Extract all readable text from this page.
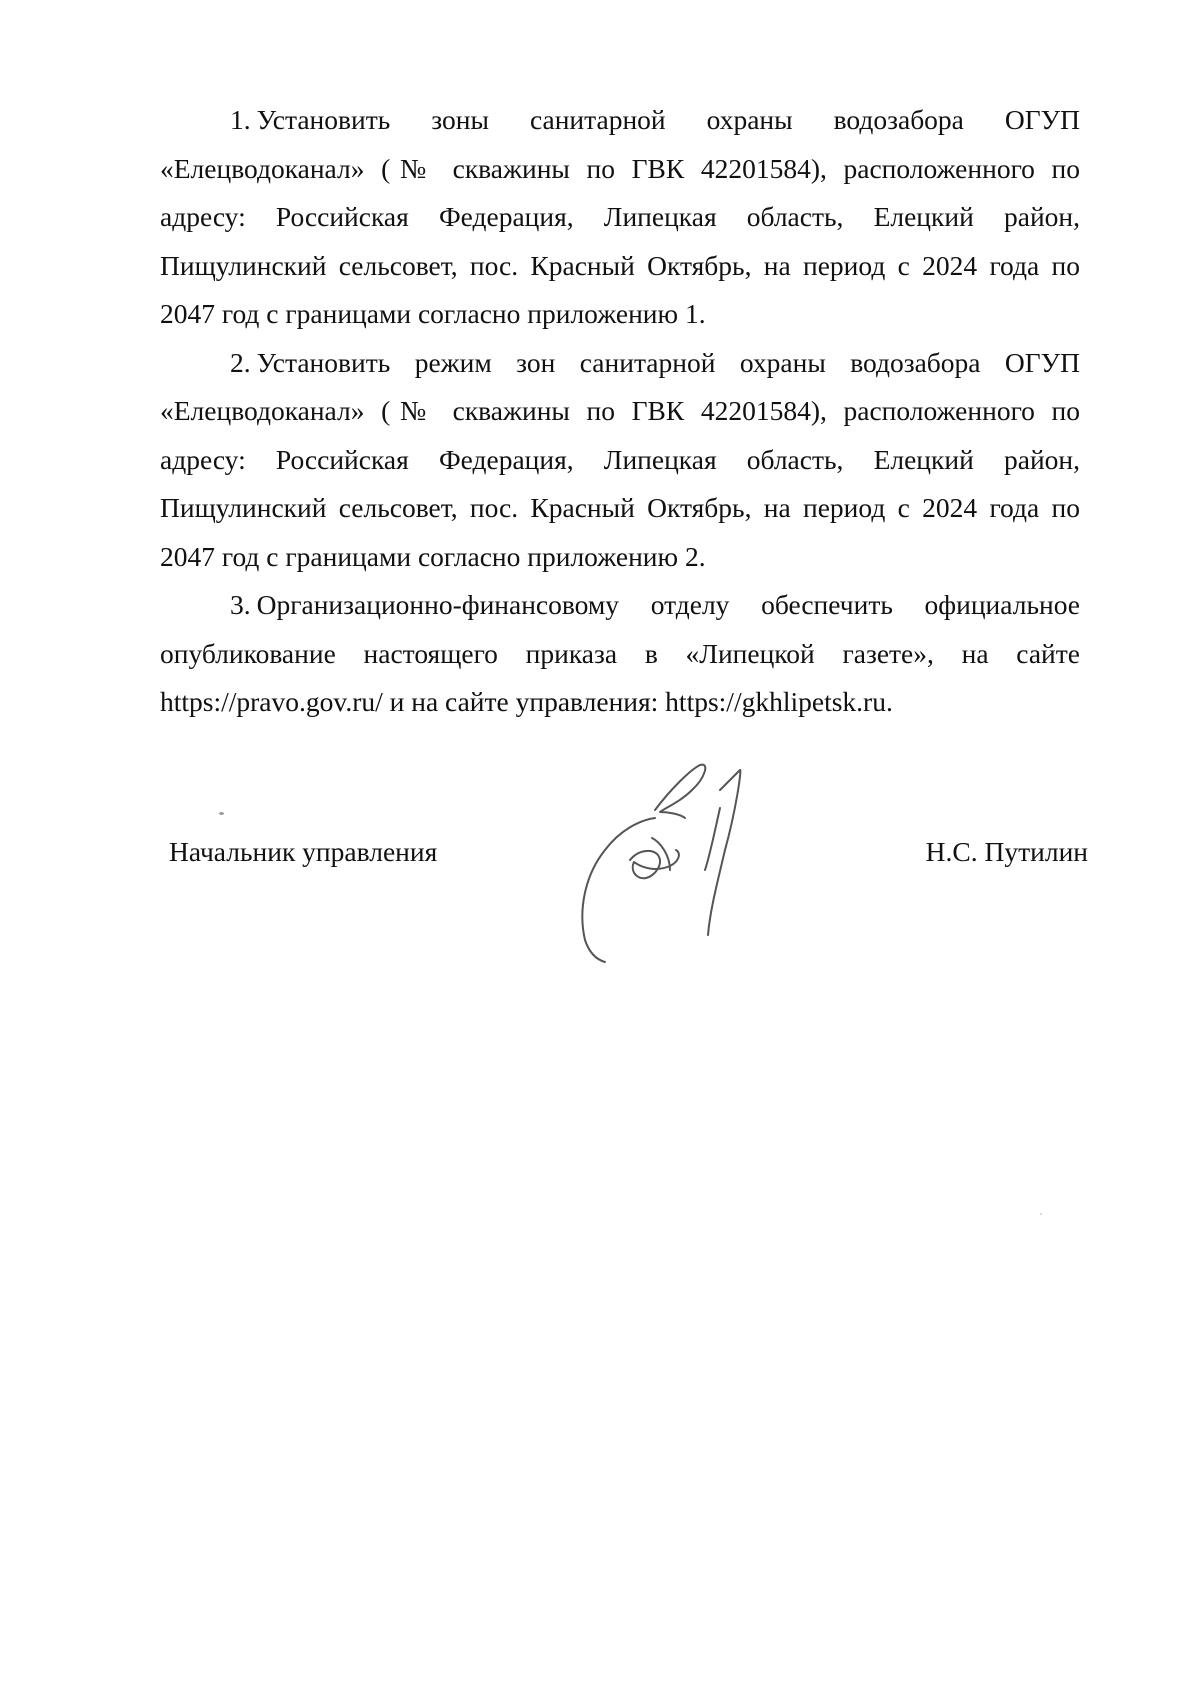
1. Установить зоны санитарной охраны водозабора ОГУП «Елецводоканал» (№ скважины по ГВК 42201584), расположенного по адресу: Российская Федерация, Липецкая область, Елецкий район, Пищулинский сельсовет, пос. Красный Октябрь, на период с 2024 года по 2047 год с границами согласно приложению 1.

2. Установить режим зон санитарной охраны водозабора ОГУП «Елецводоканал» (№ скважины по ГВК 42201584), расположенного по адресу: Российская Федерация, Липецкая область, Елецкий район, Пищулинский сельсовет, пос. Красный Октябрь, на период с 2024 года по 2047 год с границами согласно приложению 2.

3. Организационно-финансовому отделу обеспечить официальное опубликование настоящего приказа в «Липецкой газете», на сайте https://pravo.gov.ru/ и на сайте управления: https://gkhlipetsk.ru.

Начальник управления	Н.С. Путилин
